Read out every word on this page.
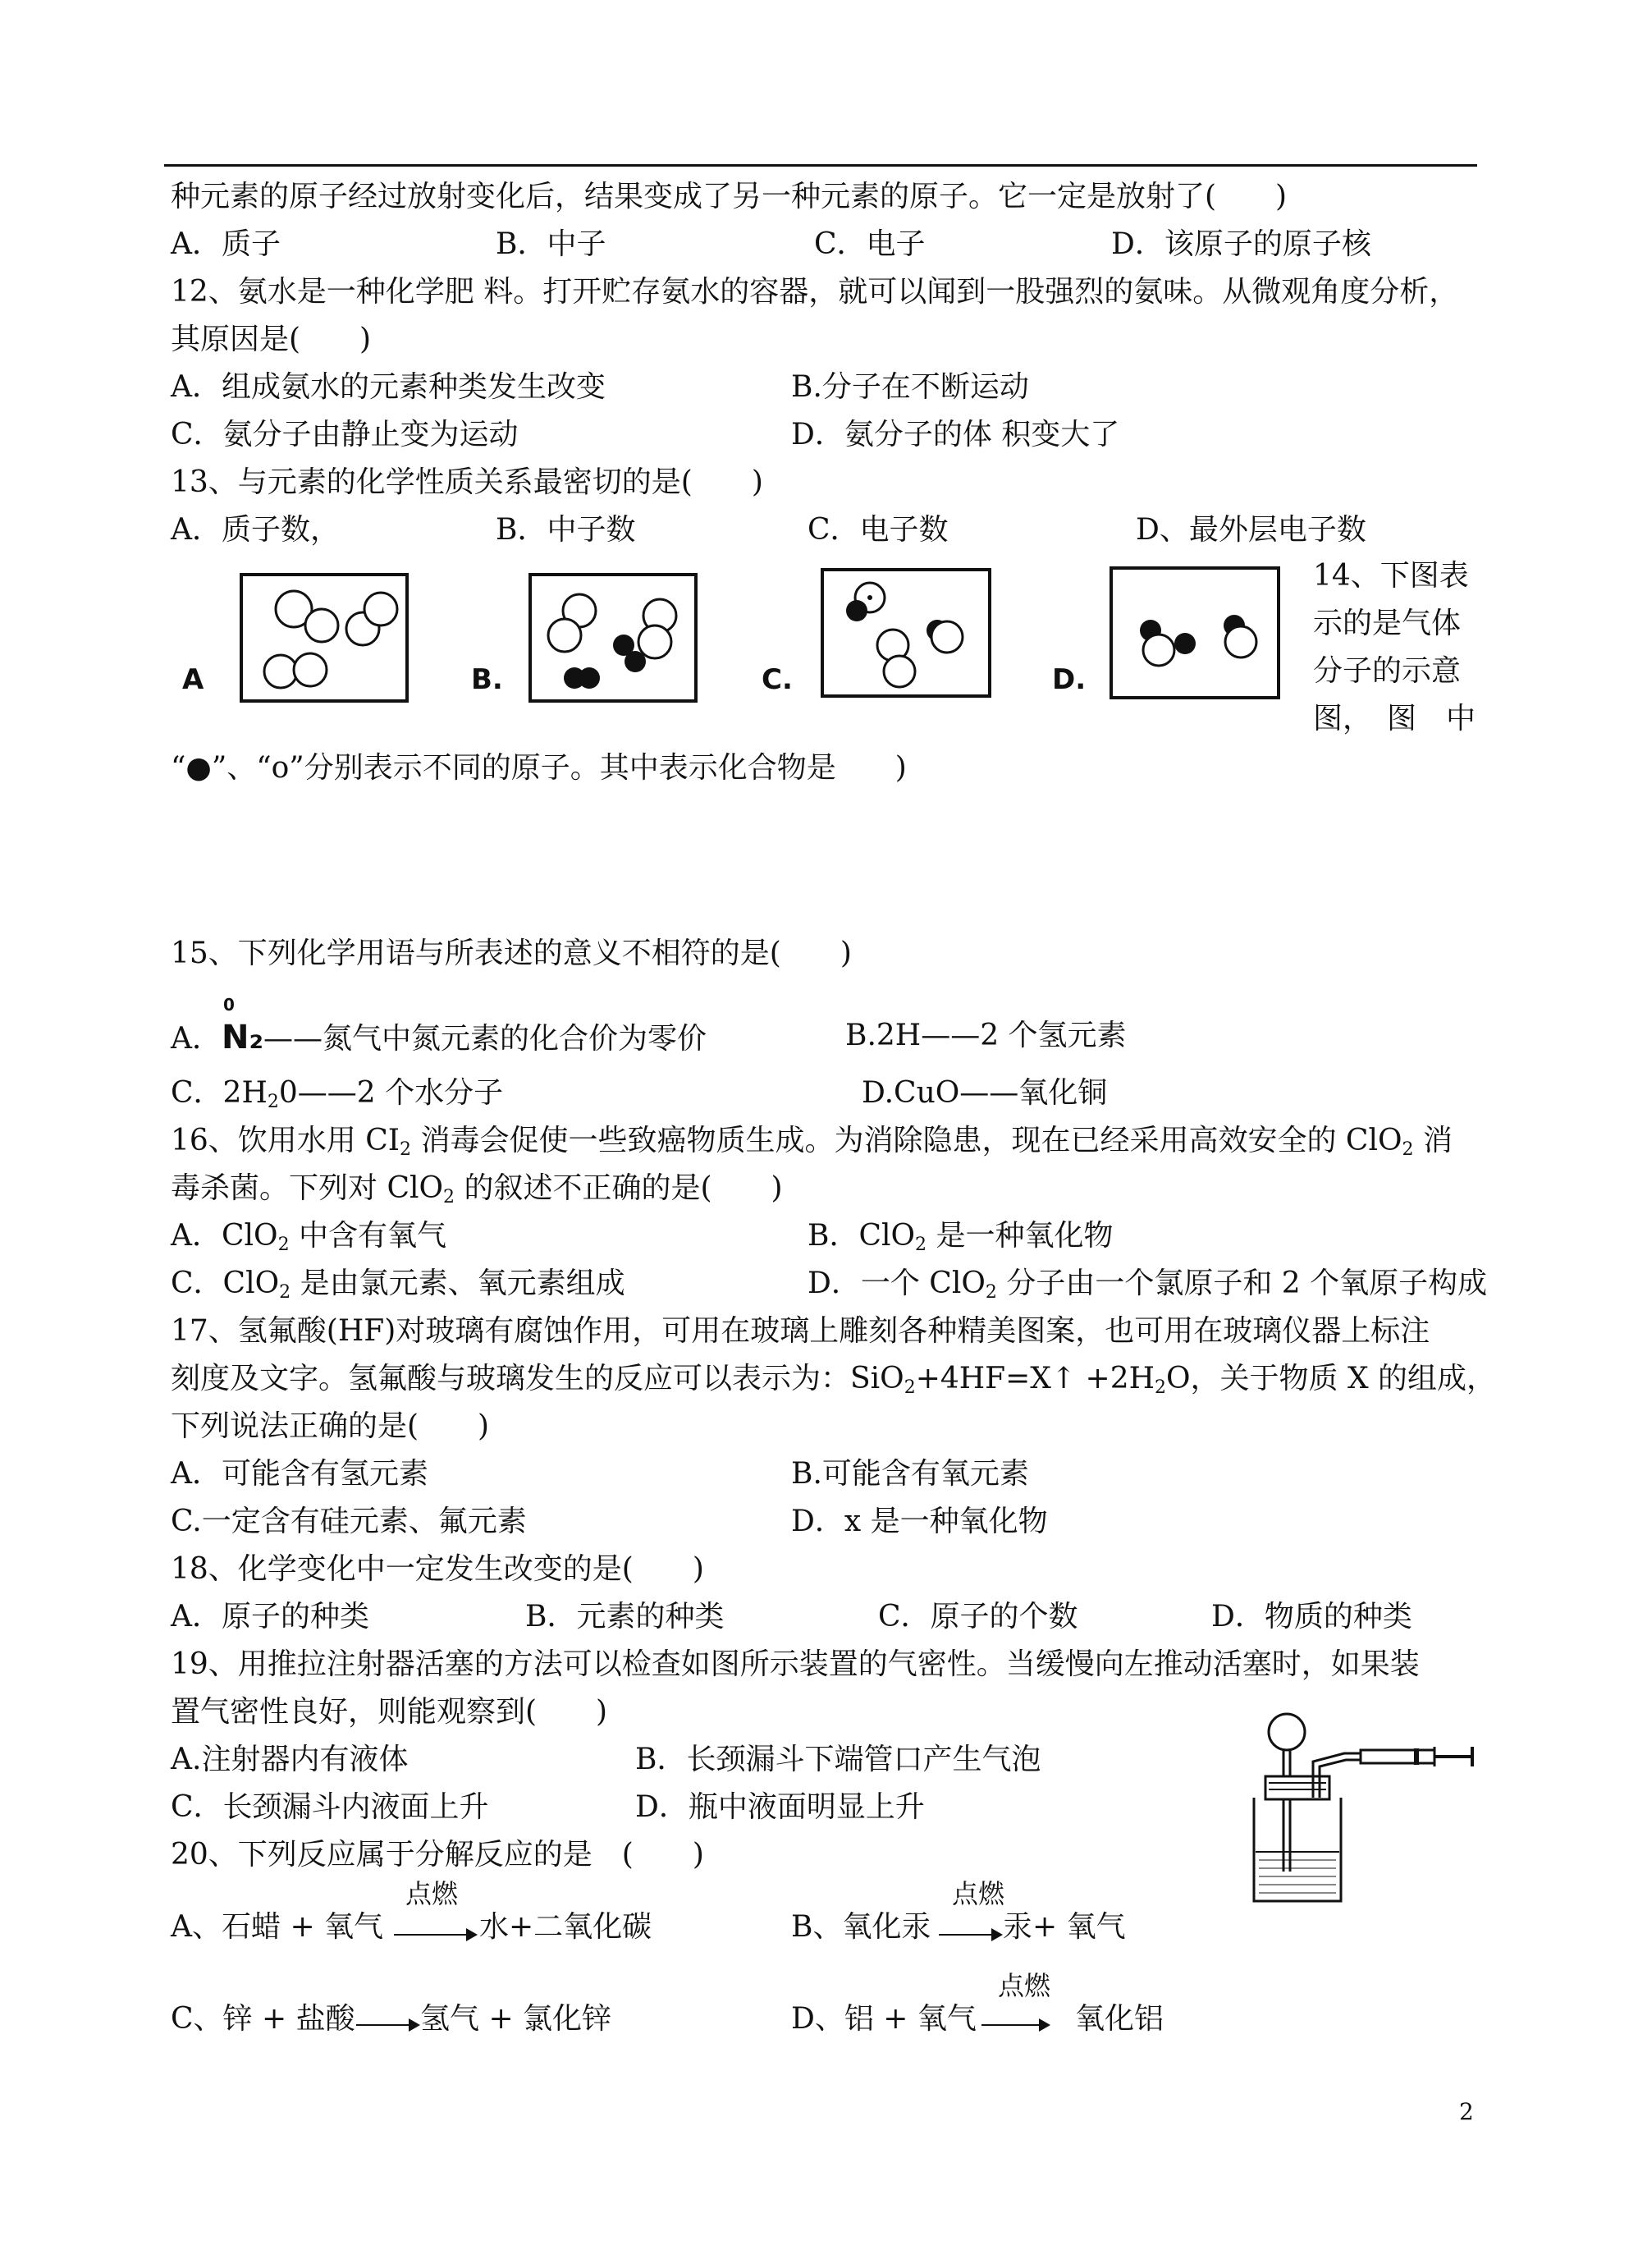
种元素的原子经过放射变化后，结果变成了另一种元素的原子。它一定是放射了(　　)
A．质子	B．中子	C．电子	D．该原子的原子核
12、氨水是一种化学肥 料。打开贮存氨水的容器，就可以闻到一股强烈的氨味。从微观角度分析，
其原因是(　　)
A．组成氨水的元素种类发生改变	B.分子在不断运动
C．氨分子由静止变为运动	D．氨分子的体 积变大了
13、与元素的化学性质关系最密切的是(　　)
A．质子数，	B．中子数	C．电子数	D、最外层电子数
A	B.	C.	D.
14、下图表
示的是气体
分子的示意
图，　图　中
“●”、“o”分别表示不同的原子。其中表示化合物是　　)
15、下列化学用语与所表述的意义不相符的是(　　)
A．
0
N₂——氮气中氮元素的化合价为零价	B.2H——2 个氢元素
C．$2H_20——2$ 个水分子	D.CuO——氧化铜
16、饮用水用 $CI_2$ 消毒会促使一些致癌物质生成。为消除隐患，现在已经采用高效安全的 ClO$_2$ 消
毒杀菌。下列对 ClO$_2$ 的叙述不正确的是(　　)
A．ClO$_2$ 中含有氧气	B．ClO$_2$ 是一种氧化物
C．ClO$_2$ 是由氯元素、氧元素组成	D．一个 ClO$_2$ 分子由一个氯原子和 2 个氧原子构成
17、氢氟酸(HF)对玻璃有腐蚀作用，可用在玻璃上雕刻各种精美图案，也可用在玻璃仪器上标注
刻度及文字。氢氟酸与玻璃发生的反应可以表示为：SiO$_2$+4HF=X↑ $+2H_2O$，关于物质 X 的组成，
下列说法正确的是(　　)
A．可能含有氢元素	B.可能含有氧元素
C.一定含有硅元素、氟元素	D．x 是一种氧化物
18、化学变化中一定发生改变的是(　　)
A．原子的种类	B．元素的种类	C．原子的个数	D．物质的种类
19、用推拉注射器活塞的方法可以检查如图所示装置的气密性。当缓慢向左推动活塞时，如果装
置气密性良好，则能观察到(　　)
A.注射器内有液体	B．长颈漏斗下端管口产生气泡
C．长颈漏斗内液面上升	D．瓶中液面明显上升
20、下列反应属于分解反应的是　(　　)
A、石蜡 + 氧气
点燃
水+二氧化碳	B、氧化汞
点燃
汞+ 氧气
C、锌 + 盐酸 氢气 + 氯化锌	D、铝 + 氧气
点燃
氧化铝
2
